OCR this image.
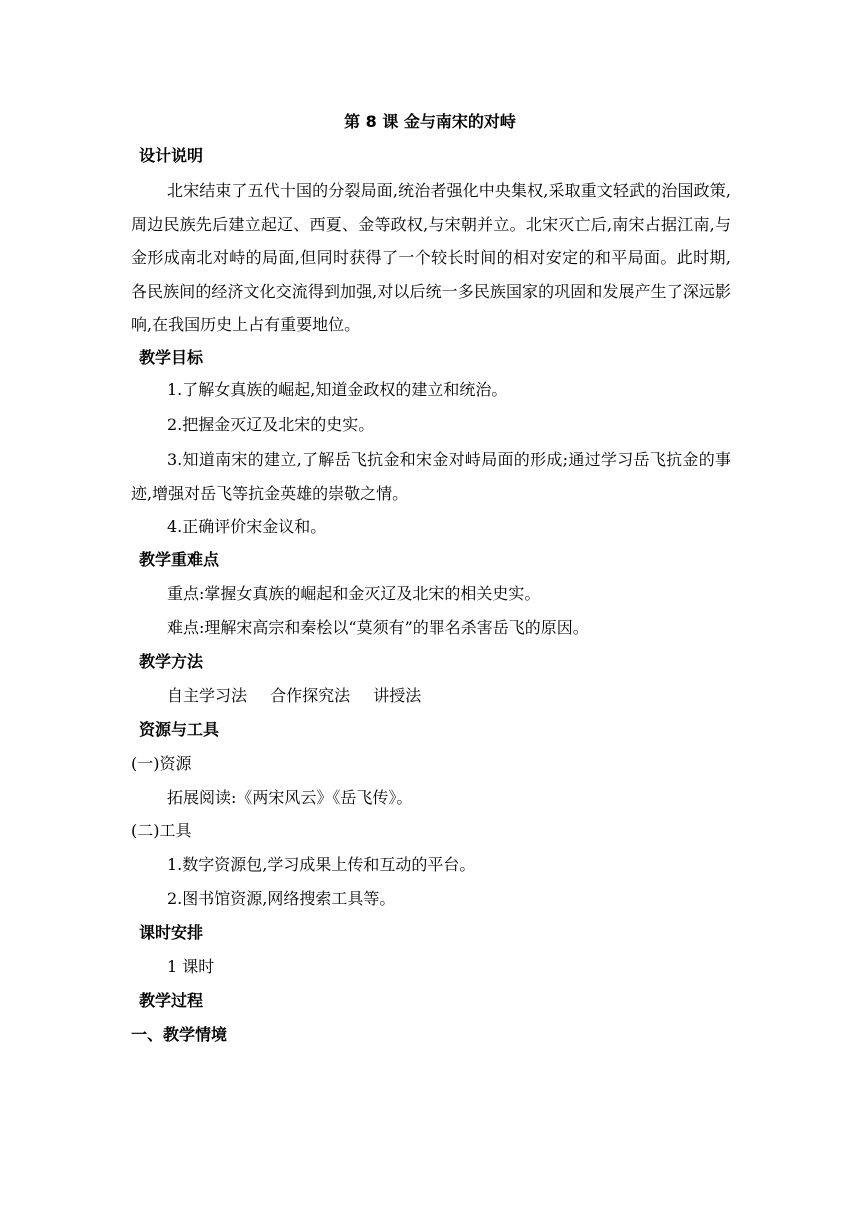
第 8 课 金与南宋的对峙
设计说明
北宋结束了五代十国的分裂局面,统治者强化中央集权,采取重文轻武的治国政策,周边民族先后建立起辽、西夏、金等政权,与宋朝并立。北宋灭亡后,南宋占据江南,与金形成南北对峙的局面,但同时获得了一个较长时间的相对安定的和平局面。此时期,各民族间的经济文化交流得到加强,对以后统一多民族国家的巩固和发展产生了深远影响,在我国历史上占有重要地位。
教学目标
1.了解女真族的崛起,知道金政权的建立和统治。
2.把握金灭辽及北宋的史实。
3.知道南宋的建立,了解岳飞抗金和宋金对峙局面的形成;通过学习岳飞抗金的事迹,增强对岳飞等抗金英雄的崇敬之情。
4.正确评价宋金议和。
教学重难点
重点:掌握女真族的崛起和金灭辽及北宋的相关史实。
难点:理解宋高宗和秦桧以“莫须有”的罪名杀害岳飞的原因。
教学方法
自主学习法 合作探究法 讲授法
资源与工具
(一)资源
拓展阅读:《两宋风云》《岳飞传》。
(二)工具
1.数字资源包,学习成果上传和互动的平台。
2.图书馆资源,网络搜索工具等。
课时安排
1 课时
教学过程
一、教学情境
